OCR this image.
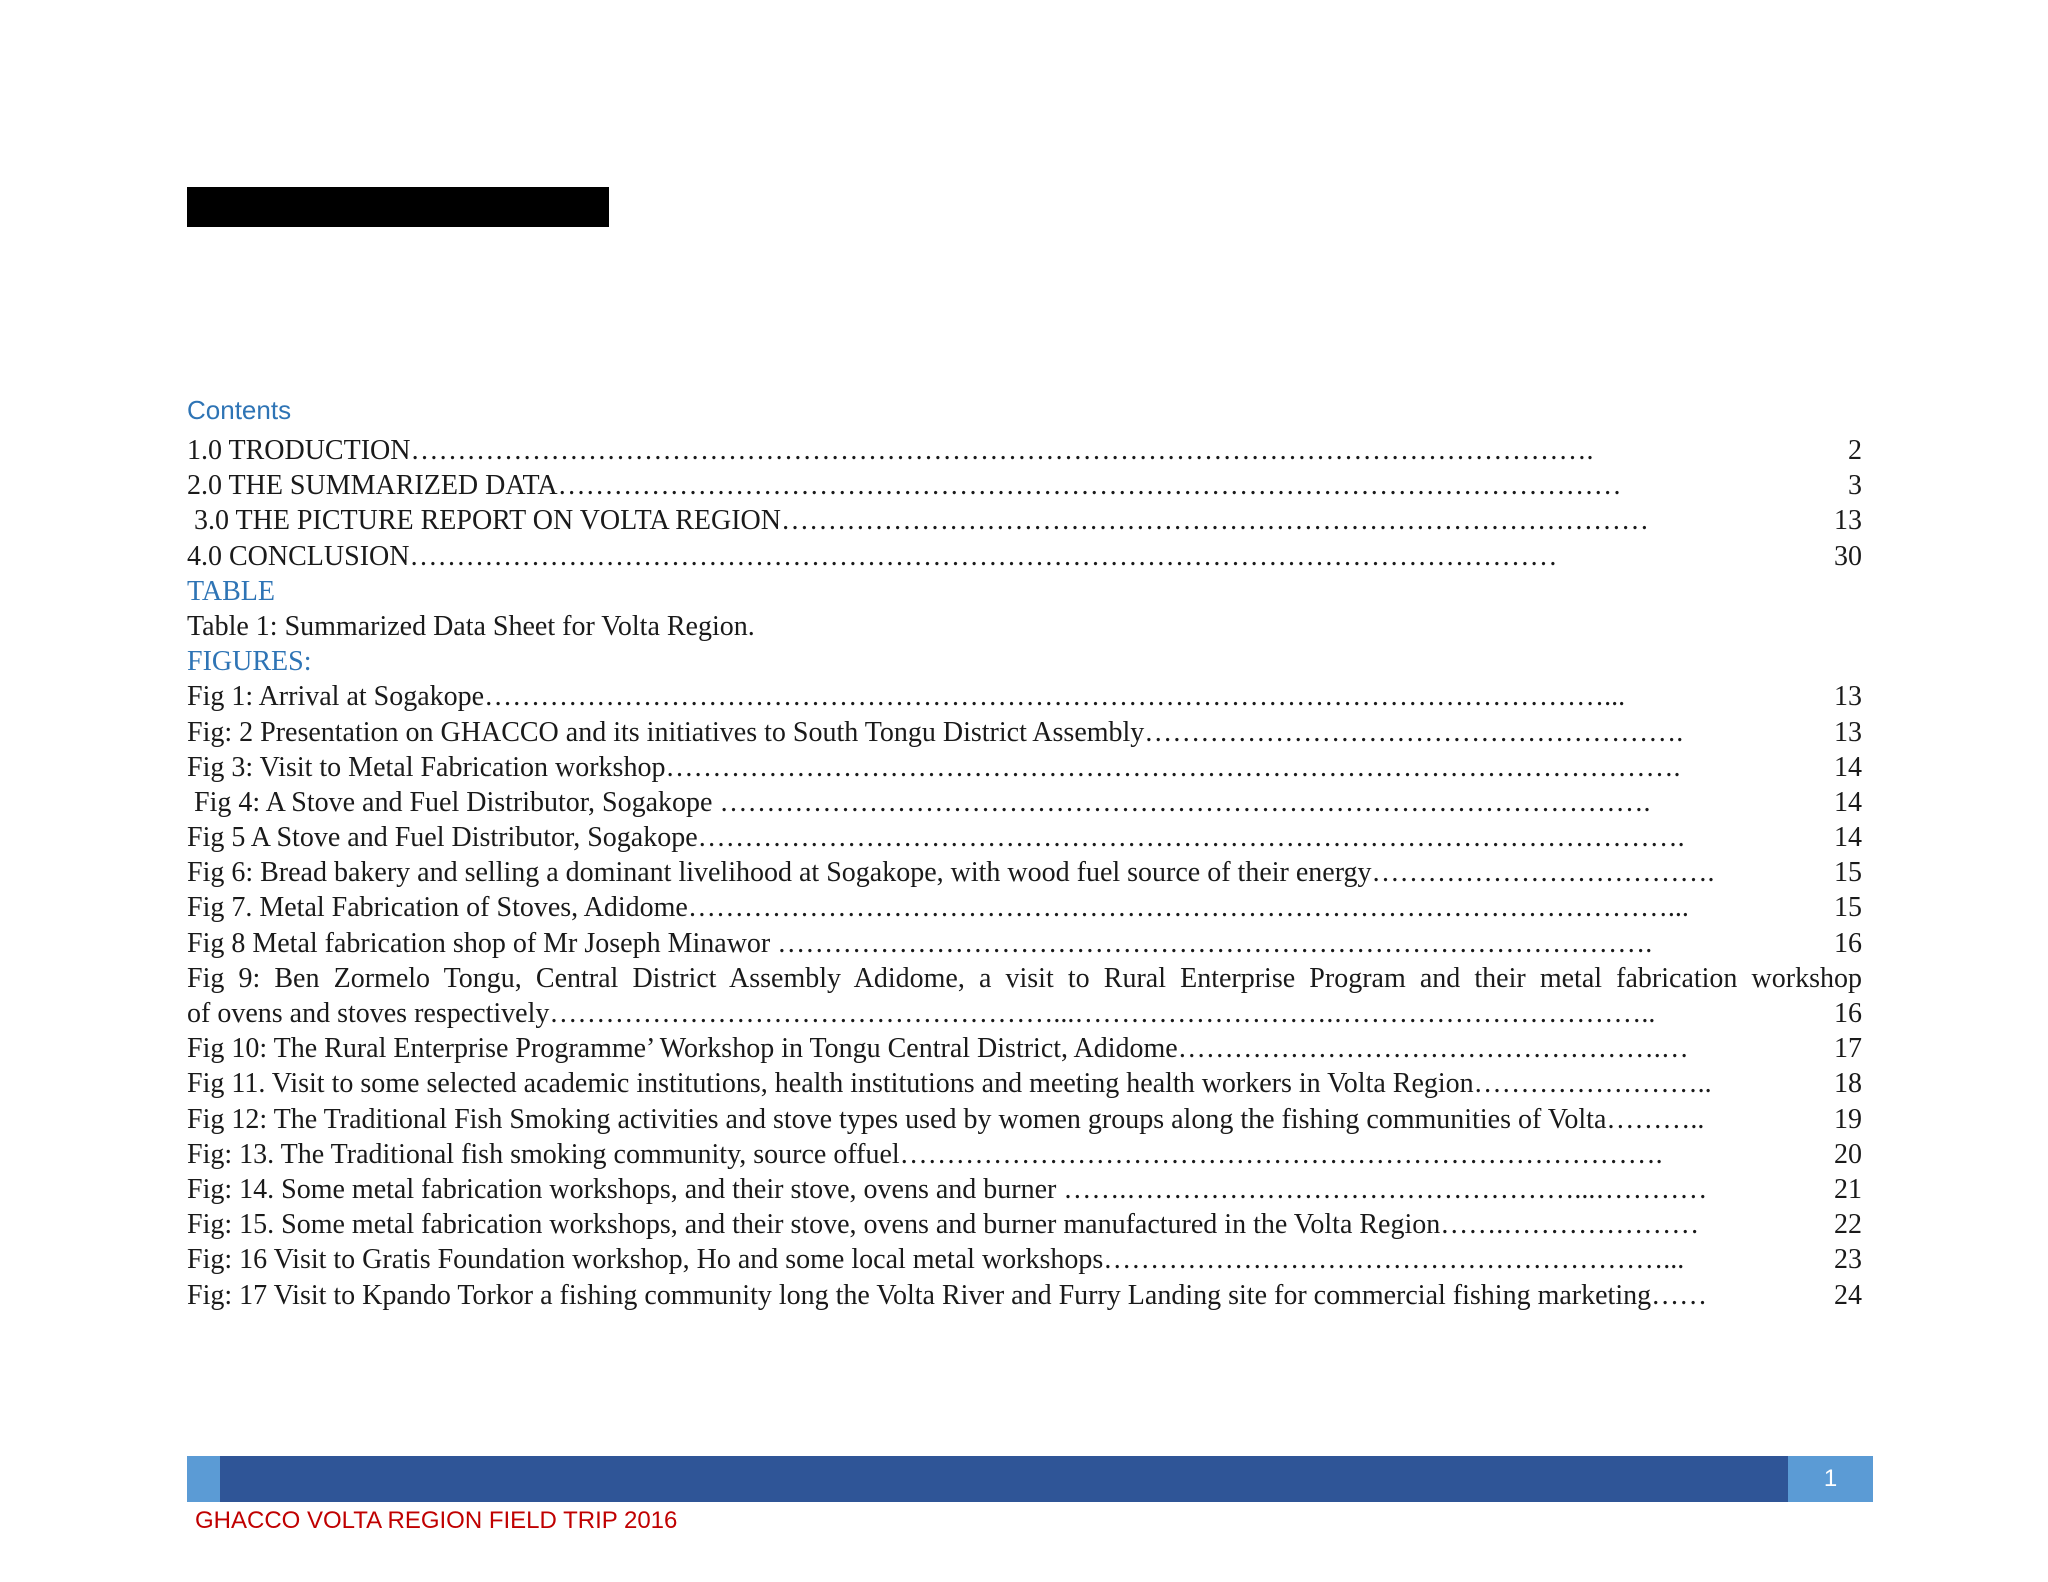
Contents
1.0 TRODUCTION……………………………………………………………………………………………………………….	2
2.0 THE SUMMARIZED DATA……………………………………………………………………………………………………	3
3.0 THE PICTURE REPORT ON VOLTA REGION…………………………………………………………………………………	13
4.0 CONCLUSION……………………………………………………………………………………………………………	30
TABLE
Table 1: Summarized Data Sheet for Volta Region.
FIGURES:
Fig 1: Arrival at Sogakope…………………………………………………………………………………………………………...	13
Fig: 2 Presentation on GHACCO and its initiatives to South Tongu District Assembly………………………………………………….	13
Fig 3: Visit to Metal Fabrication workshop……………………………………………………………………………………………….	14
Fig 4: A Stove and Fuel Distributor, Sogakope ……………………………………………………………………………………….	14
Fig 5 A Stove and Fuel Distributor, Sogakope…………………………………………………………………………………………….	14
Fig 6: Bread bakery and selling a dominant livelihood at Sogakope, with wood fuel source of their energy……………………………….	15
Fig 7. Metal Fabrication of Stoves, Adidome……………………………………………………………………………………………...	15
Fig 8 Metal fabrication shop of Mr Joseph Minawor ………………………………………………………………………………….	16
Fig 9: Ben Zormelo Tongu, Central District Assembly Adidome, a visit to Rural Enterprise Program and their metal fabrication workshop
of ovens and stoves respectively………………………………………………...……………………….……………………………..	16
Fig 10: The Rural Enterprise Programme’ Workshop in Tongu Central District, Adidome…………………………………………….…	17
Fig 11. Visit to some selected academic institutions, health institutions and meeting health workers in Volta Region……………………..	18
Fig 12: The Traditional Fish Smoking activities and stove types used by women groups along the fishing communities of Volta………..	19
Fig: 13. The Traditional fish smoking community, source offuel……………………………………………………………………….	20
Fig: 14. Some metal fabrication workshops, and their stove, ovens and burner …….…………………………………………...…………	21
Fig: 15. Some metal fabrication workshops, and their stove, ovens and burner manufactured in the Volta Region…….…………………	22
Fig: 16 Visit to Gratis Foundation workshop, Ho and some local metal workshops……………………………………………………...	23
Fig: 17 Visit to Kpando Torkor a fishing community long the Volta River and Furry Landing site for commercial fishing marketing……	24
1
GHACCO VOLTA REGION FIELD TRIP 2016
